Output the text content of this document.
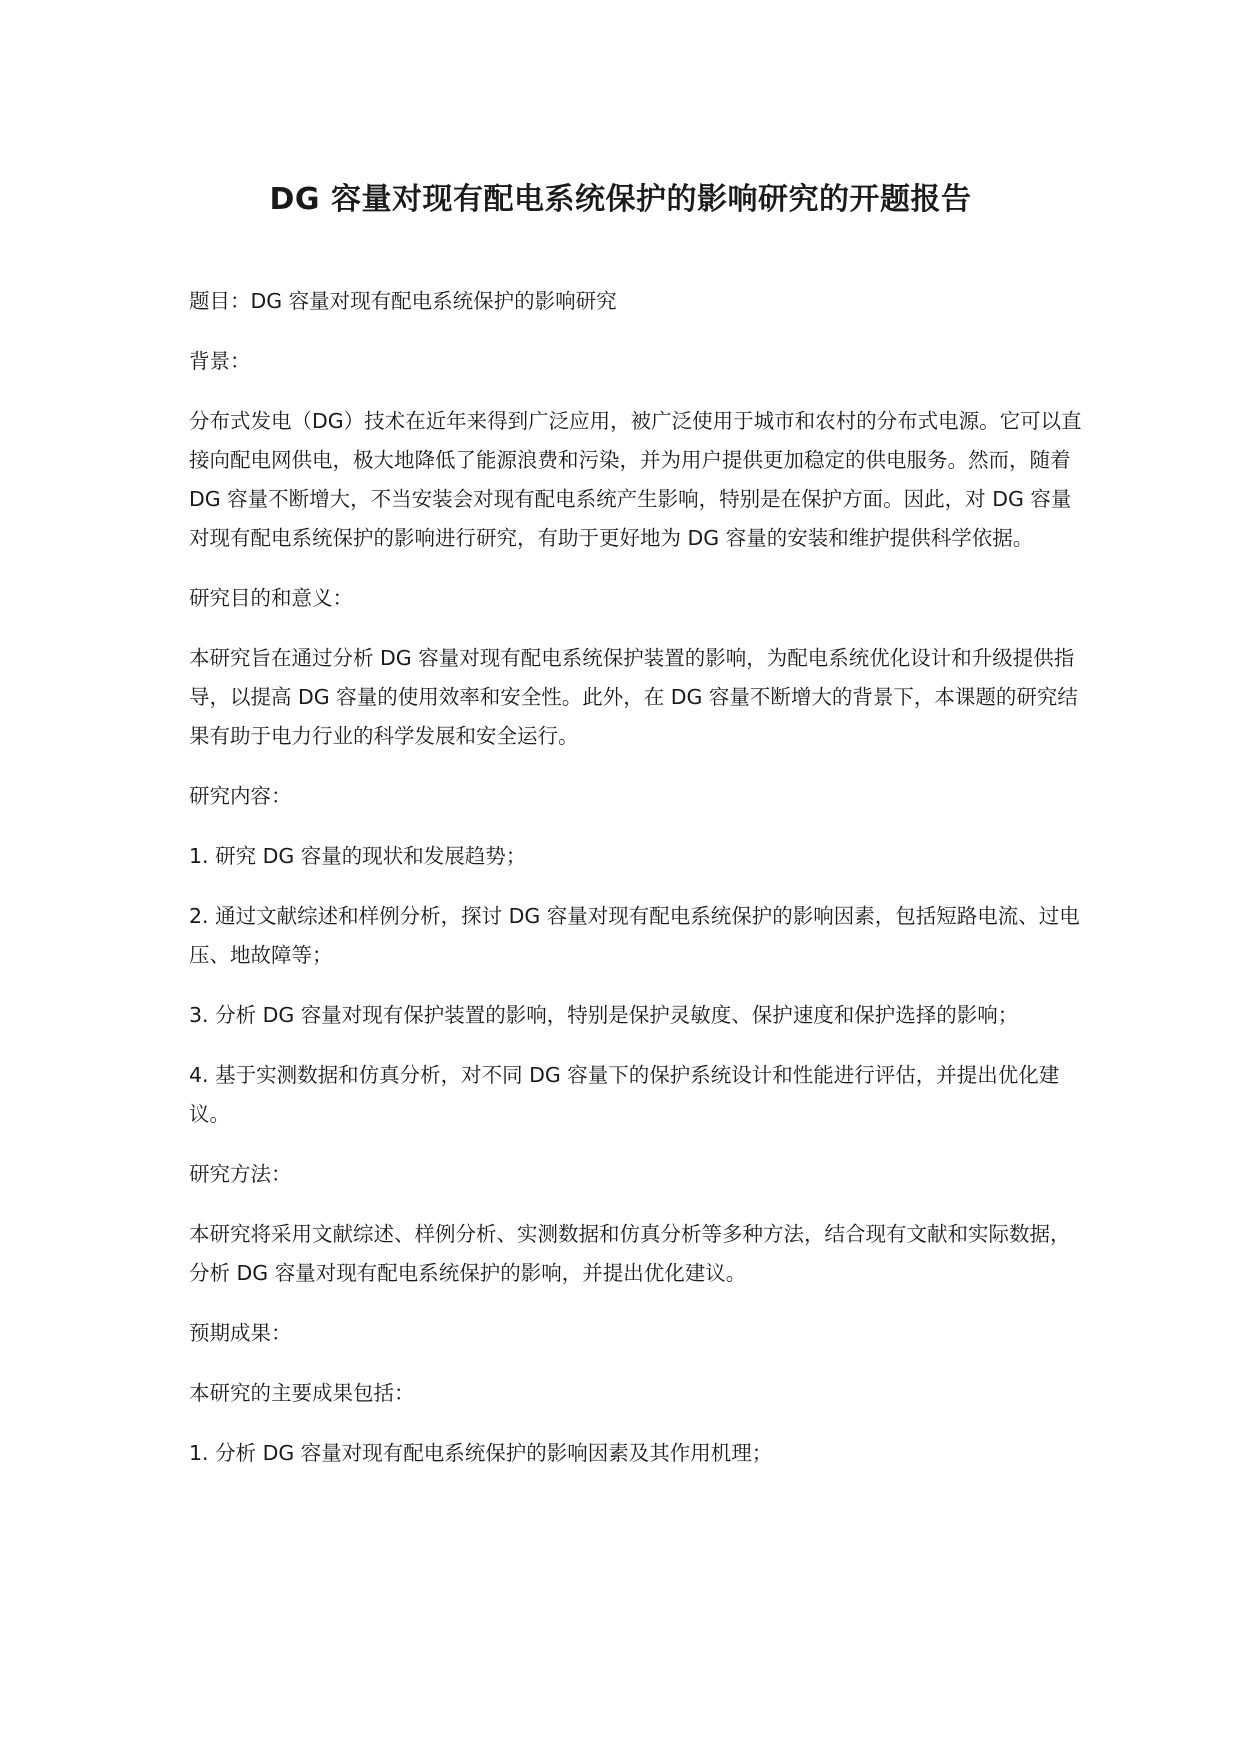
DG 容量对现有配电系统保护的影响研究的开题报告

题目：DG 容量对现有配电系统保护的影响研究

背景：

分布式发电（DG）技术在近年来得到广泛应用，被广泛使用于城市和农村的分布式电源。它可以直接向配电网供电，极大地降低了能源浪费和污染，并为用户提供更加稳定的供电服务。然而，随着 DG 容量不断增大，不当安装会对现有配电系统产生影响，特别是在保护方面。因此，对 DG 容量对现有配电系统保护的影响进行研究，有助于更好地为 DG 容量的安装和维护提供科学依据。

研究目的和意义：

本研究旨在通过分析 DG 容量对现有配电系统保护装置的影响，为配电系统优化设计和升级提供指导，以提高 DG 容量的使用效率和安全性。此外，在 DG 容量不断增大的背景下，本课题的研究结果有助于电力行业的科学发展和安全运行。

研究内容：

1. 研究 DG 容量的现状和发展趋势；

2. 通过文献综述和样例分析，探讨 DG 容量对现有配电系统保护的影响因素，包括短路电流、过电压、地故障等；

3. 分析 DG 容量对现有保护装置的影响，特别是保护灵敏度、保护速度和保护选择的影响；

4. 基于实测数据和仿真分析，对不同 DG 容量下的保护系统设计和性能进行评估，并提出优化建议。

研究方法：

本研究将采用文献综述、样例分析、实测数据和仿真分析等多种方法，结合现有文献和实际数据，分析 DG 容量对现有配电系统保护的影响，并提出优化建议。

预期成果：

本研究的主要成果包括：

1. 分析 DG 容量对现有配电系统保护的影响因素及其作用机理；
